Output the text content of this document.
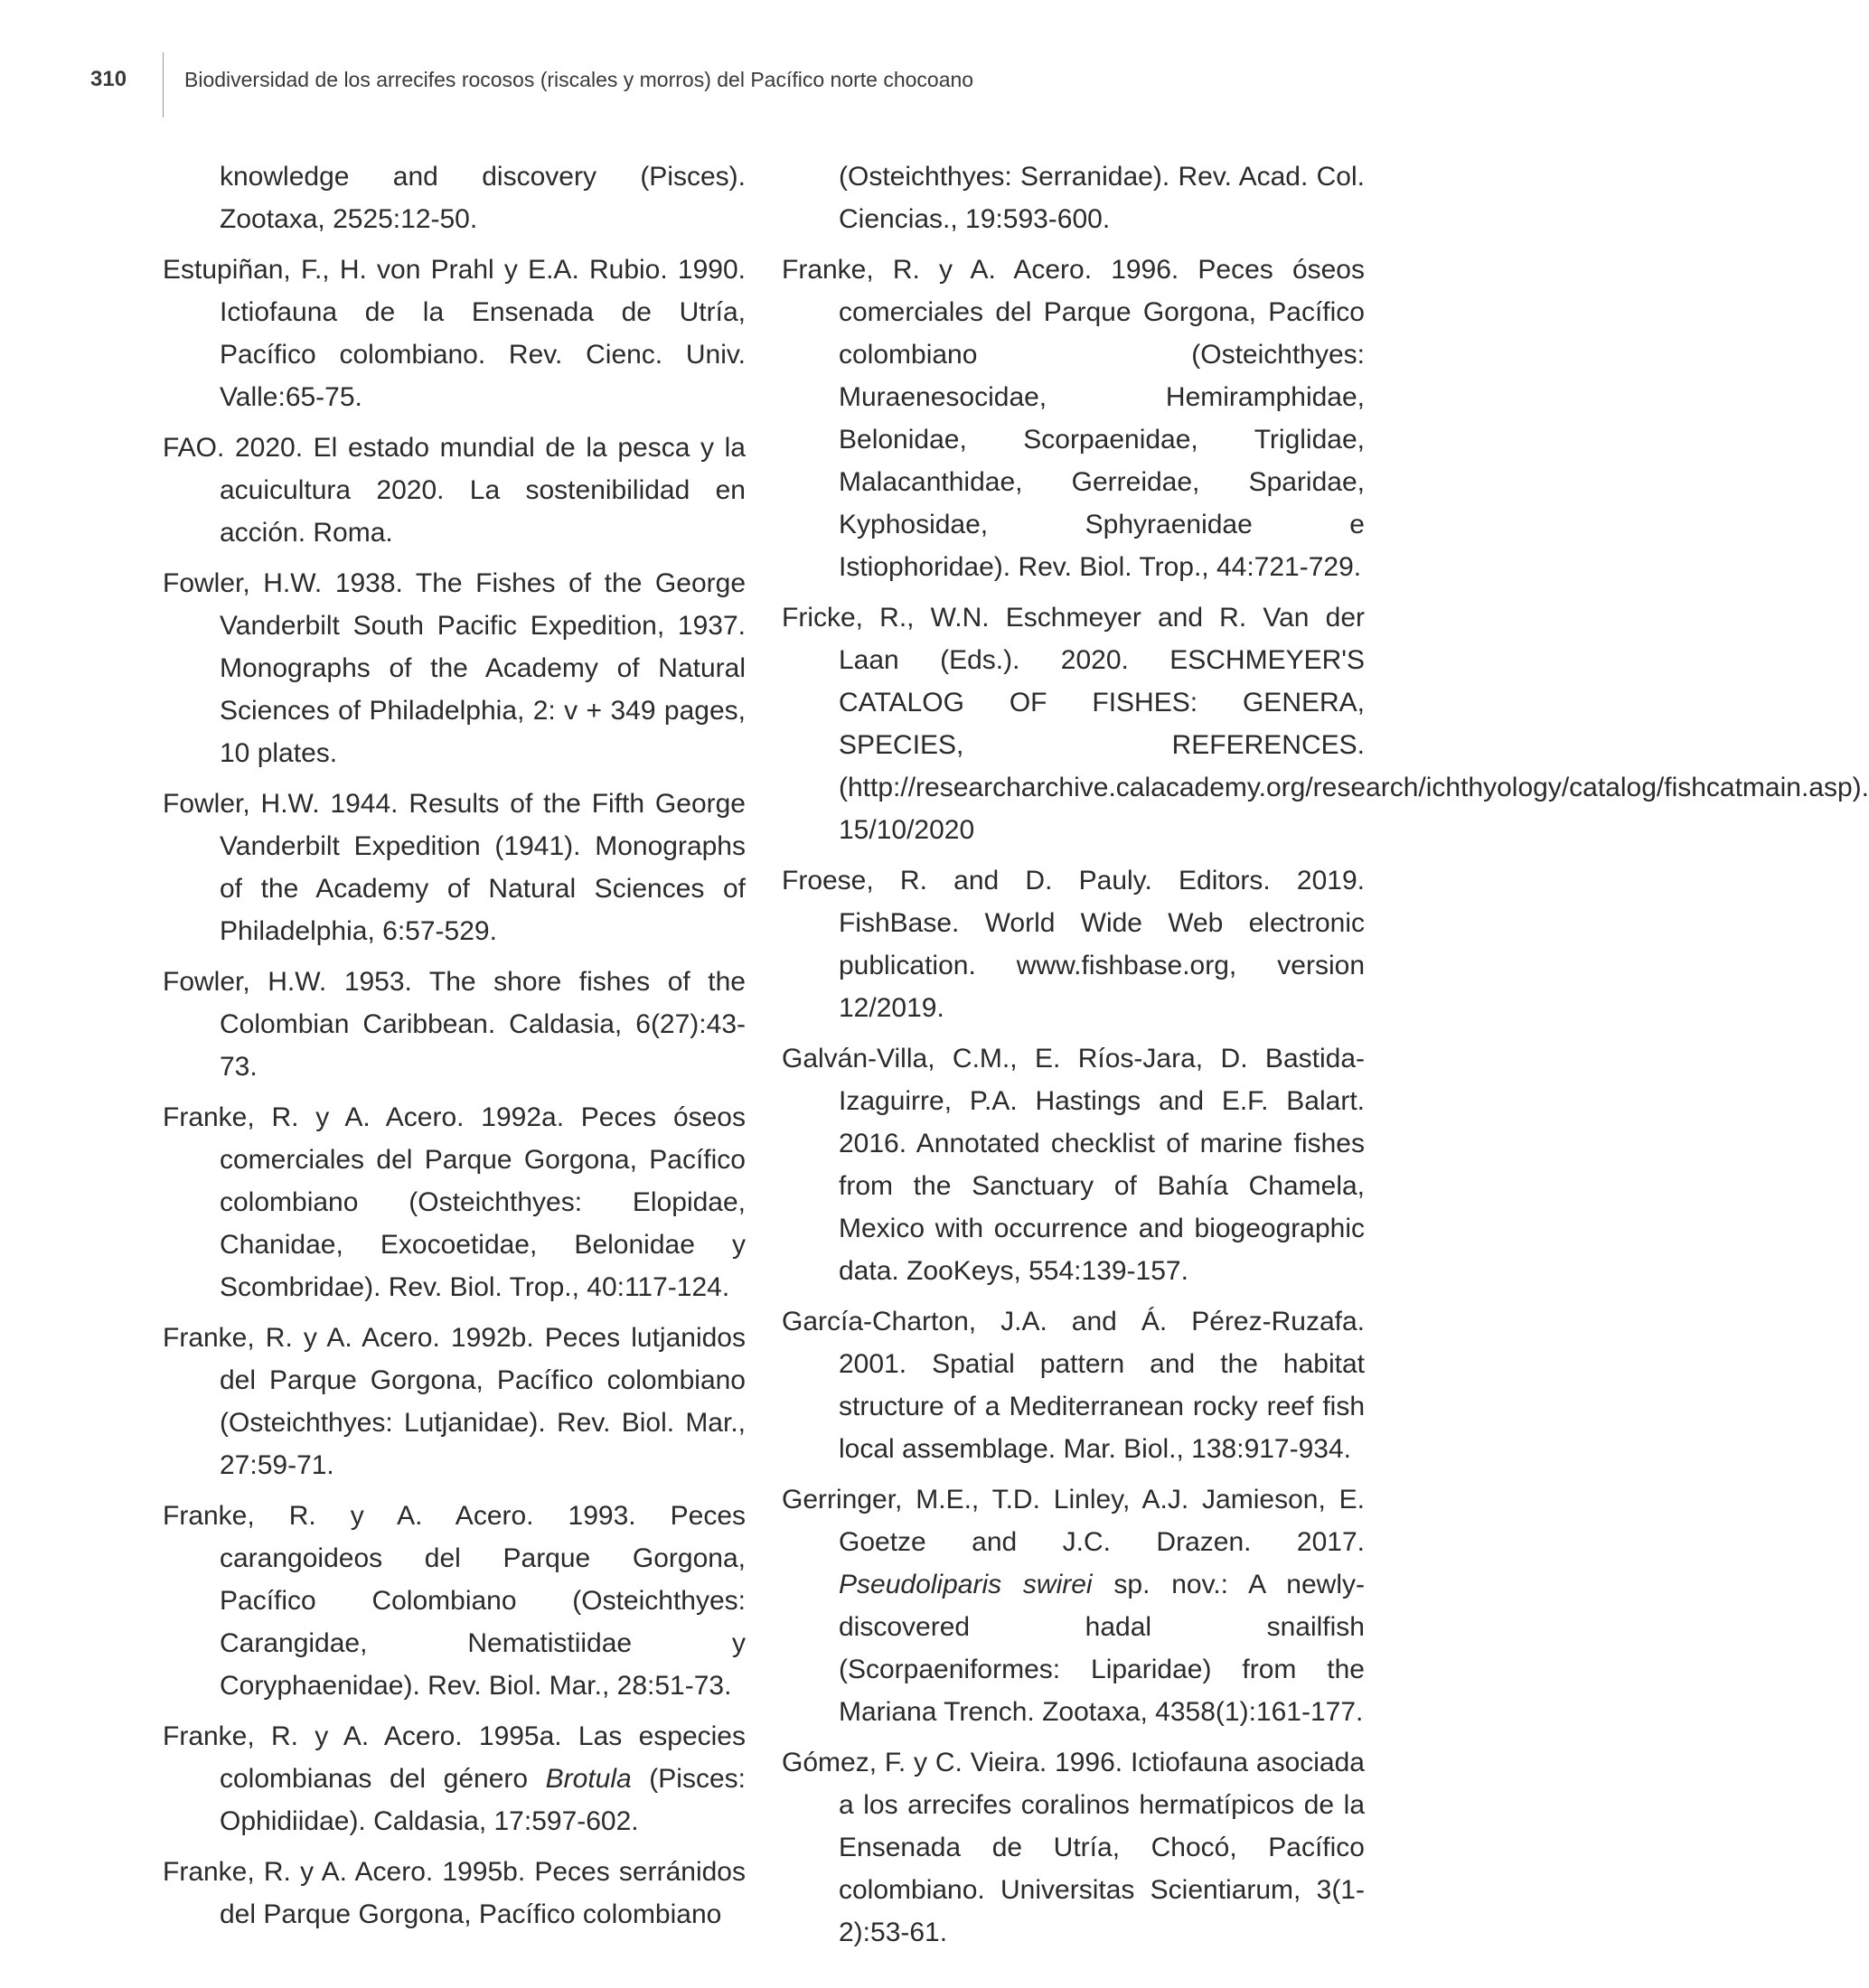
310	Biodiversidad de los arrecifes rocosos (riscales y morros) del Pacífico norte chocoano

knowledge and discovery (Pisces). Zootaxa, 2525:12-50.

Estupiñan, F., H. von Prahl y E.A. Rubio. 1990. Ictiofauna de la Ensenada de Utría, Pacífico colombiano. Rev. Cienc. Univ. Valle:65-75.

FAO. 2020. El estado mundial de la pesca y la acuicultura 2020. La sostenibilidad en acción. Roma.

Fowler, H.W. 1938. The Fishes of the George Vanderbilt South Pacific Expedition, 1937. Monographs of the Academy of Natural Sciences of Philadelphia, 2: v + 349 pages, 10 plates.

Fowler, H.W. 1944. Results of the Fifth George Vanderbilt Expedition (1941). Monographs of the Academy of Natural Sciences of Philadelphia, 6:57-529.

Fowler, H.W. 1953. The shore fishes of the Colombian Caribbean. Caldasia, 6(27):43-73.

Franke, R. y A. Acero. 1992a. Peces óseos comerciales del Parque Gorgona, Pacífico colombiano (Osteichthyes: Elopidae, Chanidae, Exocoetidae, Belonidae y Scombridae). Rev. Biol. Trop., 40:117-124.

Franke, R. y A. Acero. 1992b. Peces lutjanidos del Parque Gorgona, Pacífico colombiano (Osteichthyes: Lutjanidae). Rev. Biol. Mar., 27:59-71.

Franke, R. y A. Acero. 1993. Peces carangoideos del Parque Gorgona, Pacífico Colombiano (Osteichthyes: Carangidae, Nematistiidae y Coryphaenidae). Rev. Biol. Mar., 28:51-73.

Franke, R. y A. Acero. 1995a. Las especies colombianas del género Brotula (Pisces: Ophidiidae). Caldasia, 17:597-602.

Franke, R. y A. Acero. 1995b. Peces serránidos del Parque Gorgona, Pacífico colombiano

(Osteichthyes: Serranidae). Rev. Acad. Col. Ciencias., 19:593-600.

Franke, R. y A. Acero. 1996. Peces óseos comerciales del Parque Gorgona, Pacífico colombiano (Osteichthyes: Muraenesocidae, Hemiramphidae, Belonidae, Scorpaenidae, Triglidae, Malacanthidae, Gerreidae, Sparidae, Kyphosidae, Sphyraenidae e Istiophoridae). Rev. Biol. Trop., 44:721-729.

Fricke, R., W.N. Eschmeyer and R. Van der Laan (Eds.). 2020. ESCHMEYER'S CATALOG OF FISHES: GENERA, SPECIES, REFERENCES. (http://researcharchive.calacademy.org/research/ichthyology/catalog/fishcatmain.asp). 15/10/2020

Froese, R. and D. Pauly. Editors. 2019. FishBase. World Wide Web electronic publication. www.fishbase.org, version 12/2019.

Galván-Villa, C.M., E. Ríos-Jara, D. Bastida-Izaguirre, P.A. Hastings and E.F. Balart. 2016. Annotated checklist of marine fishes from the Sanctuary of Bahía Chamela, Mexico with occurrence and biogeographic data. ZooKeys, 554:139-157.

García-Charton, J.A. and Á. Pérez-Ruzafa. 2001. Spatial pattern and the habitat structure of a Mediterranean rocky reef fish local assemblage. Mar. Biol., 138:917-934.

Gerringer, M.E., T.D. Linley, A.J. Jamieson, E. Goetze and J.C. Drazen. 2017. Pseudoliparis swirei sp. nov.: A newly-discovered hadal snailfish (Scorpaeniformes: Liparidae) from the Mariana Trench. Zootaxa, 4358(1):161-177.

Gómez, F. y C. Vieira. 1996. Ictiofauna asociada a los arrecifes coralinos hermatípicos de la Ensenada de Utría, Chocó, Pacífico colombiano. Universitas Scientiarum, 3(1-2):53-61.
